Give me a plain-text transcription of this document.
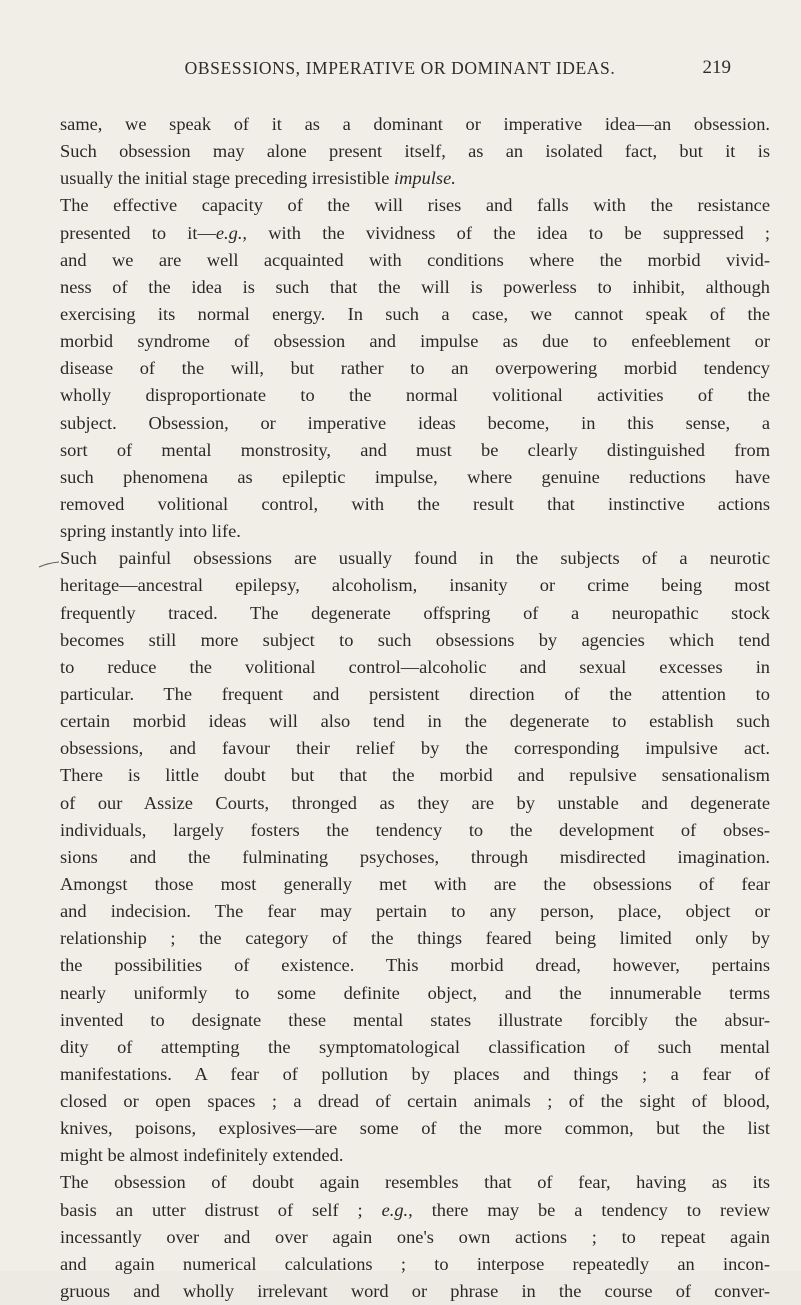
OBSESSIONS, IMPERATIVE OR DOMINANT IDEAS.	219
same, we speak of it as a dominant or imperative idea—an obsession.
Such obsession may alone present itself, as an isolated fact, but it is
usually the initial stage preceding irresistible impulse.
The effective capacity of the will rises and falls with the resistance
presented to it—e.g., with the vividness of the idea to be suppressed ;
and we are well acquainted with conditions where the morbid vivid-
ness of the idea is such that the will is powerless to inhibit, although
exercising its normal energy. In such a case, we cannot speak of the
morbid syndrome of obsession and impulse as due to enfeeblement or
disease of the will, but rather to an overpowering morbid tendency
wholly disproportionate to the normal volitional activities of the
subject. Obsession, or imperative ideas become, in this sense, a
sort of mental monstrosity, and must be clearly distinguished from
such phenomena as epileptic impulse, where genuine reductions have
removed volitional control, with the result that instinctive actions
spring instantly into life.
Such painful obsessions are usually found in the subjects of a neurotic
heritage—ancestral epilepsy, alcoholism, insanity or crime being most
frequently traced. The degenerate offspring of a neuropathic stock
becomes still more subject to such obsessions by agencies which tend
to reduce the volitional control—alcoholic and sexual excesses in
particular. The frequent and persistent direction of the attention to
certain morbid ideas will also tend in the degenerate to establish such
obsessions, and favour their relief by the corresponding impulsive act.
There is little doubt but that the morbid and repulsive sensationalism
of our Assize Courts, thronged as they are by unstable and degenerate
individuals, largely fosters the tendency to the development of obses-
sions and the fulminating psychoses, through misdirected imagination.
Amongst those most generally met with are the obsessions of fear
and indecision. The fear may pertain to any person, place, object or
relationship ; the category of the things feared being limited only by
the possibilities of existence. This morbid dread, however, pertains
nearly uniformly to some definite object, and the innumerable terms
invented to designate these mental states illustrate forcibly the absur-
dity of attempting the symptomatological classification of such mental
manifestations. A fear of pollution by places and things ; a fear of
closed or open spaces ; a dread of certain animals ; of the sight of blood,
knives, poisons, explosives—are some of the more common, but the list
might be almost indefinitely extended.
The obsession of doubt again resembles that of fear, having as its
basis an utter distrust of self ; e.g., there may be a tendency to review
incessantly over and over again one's own actions ; to repeat again
and again numerical calculations ; to interpose repeatedly an incon-
gruous and wholly irrelevant word or phrase in the course of conver-
